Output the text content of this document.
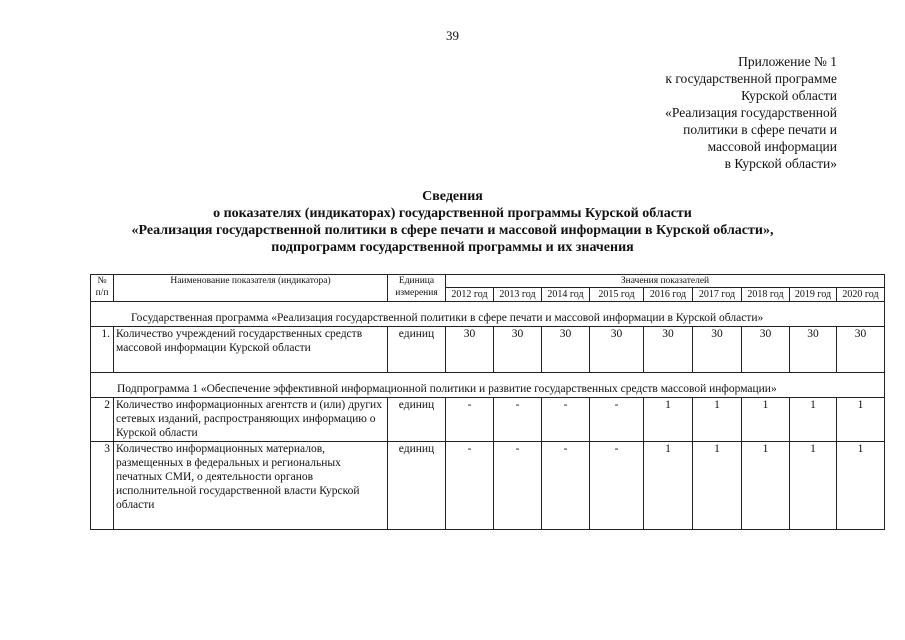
39
Приложение № 1
к государственной программе
Курской области
«Реализация государственной
политики в сфере печати и
массовой информации
в Курской области»
Сведения
о показателях (индикаторах) государственной программы Курской области
«Реализация государственной политики в сфере печати и массовой информации в Курской области»,
подпрограмм государственной программы и их значения
№ п/п	Наименование показателя (индикатора)	Единица измерения	Значения показателей								
			2012 год	2013 год	2014 год	2015 год	2016 год	2017 год	2018 год	2019 год	2020 год
Государственная программа «Реализация государственной политики в сфере печати и массовой информации в Курской области»											
1.	Количество учреждений государственных средств массовой информации Курской области	единиц	30	30	30	30	30	30	30	30	30
Подпрограмма 1 «Обеспечение эффективной информационной политики и развитие государственных средств массовой информации»											
2	Количество информационных агентств и (или) других сетевых изданий, распространяющих информацию о Курской области	единиц	-	-	-	-	1	1	1	1	1
3	Количество информационных материалов, размещенных в федеральных и региональных печатных СМИ, о деятельности органов исполнительной государственной власти Курской области	единиц	-	-	-	-	1	1	1	1	1
